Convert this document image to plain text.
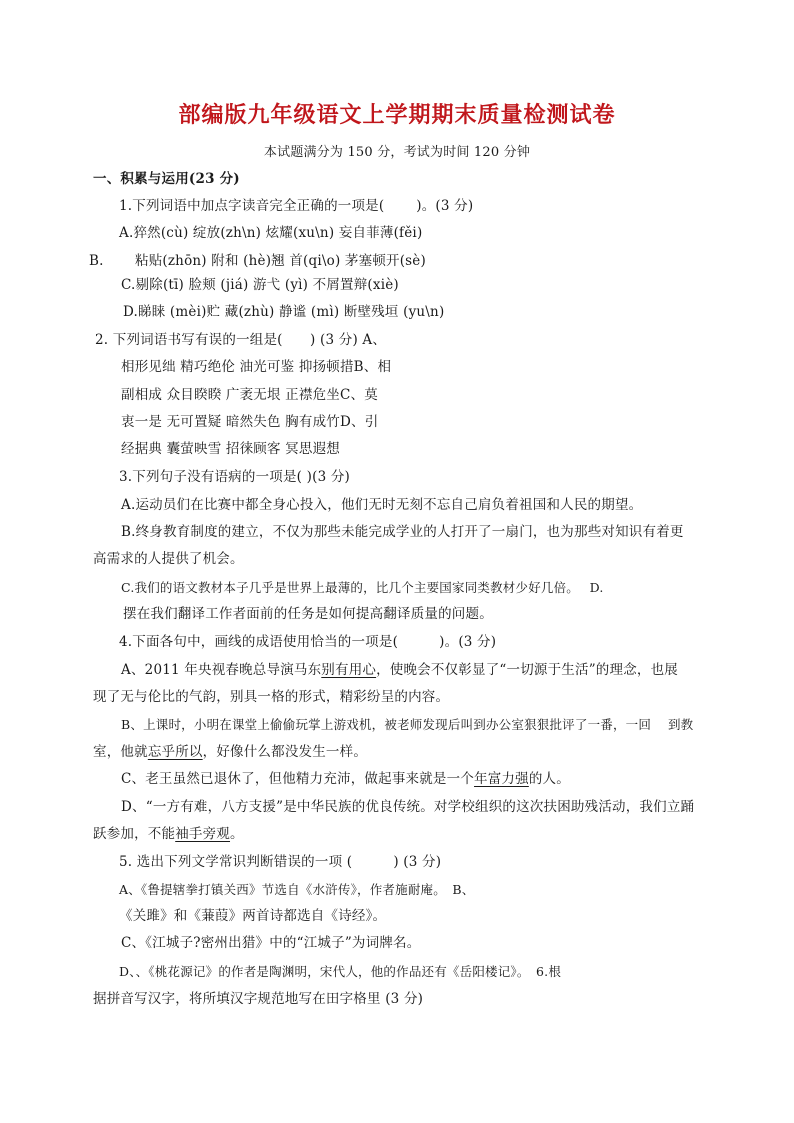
部编版九年级语文上学期期末质量检测试卷
本试题满分为 150 分，考试为时间 120 分钟
一、积累与运用(23 分)
1.下列词语中加点字读音完全正确的一项是(　　 )。(3 分)
A.猝然(cù) 绽放(zh\n) 炫耀(xu\n) 妄自菲薄(fěi)
B. 粘贴(zhōn) 附和 (hè)翘 首(qi\o) 茅塞顿开(sè)
C.剔除(tī) 脸颊 (jiá) 游弋 (yì) 不屑置辩(xiè)
D.睇睐 (mèi)贮 藏(zhù) 静谧 (mì) 断壁残垣 (yu\n)
2. 下列词语书写有误的一组是(　　) (3 分) A、
相形见绌 精巧绝伦 油光可鉴 抑扬顿措B、相
副相成 众目睽睽 广袤无垠 正襟危坐C、莫
衷一是 无可置疑 暗然失色 胸有成竹D、引
经据典 囊萤映雪 招徕顾客 冥思遐想
3.下列句子没有语病的一项是( )(3 分)
A.运动员们在比赛中都全身心投入，他们无时无刻不忘自己肩负着祖国和人民的期望。
B.终身教育制度的建立，不仅为那些未能完成学业的人打开了一扇门，也为那些对知识有着更
高需求的人提供了机会。
C.我们的语文教材本子几乎是世界上最薄的，比几个主要国家同类教材少好几倍。　 D.
摆在我们翻译工作者面前的任务是如何提高翻译质量的问题。
4.下面各句中，画线的成语使用恰当的一项是(　　　)。(3 分)
A、2011 年央视春晚总导演马东别有用心，使晚会不仅彰显了“一切源于生活”的理念，也展
现了无与伦比的气韵，别具一格的形式，精彩纷呈的内容。
B、上课时，小明在课堂上偷偷玩掌上游戏机，被老师发现后叫到办公室狠狠批评了一番，一回　 到教
室，他就忘乎所以，好像什么都没发生一样。
C、老王虽然已退休了，但他精力充沛，做起事来就是一个年富力强的人。
D、“一方有难，八方支援”是中华民族的优良传统。对学校组织的这次扶困助残活动，我们立踊
跃参加，不能袖手旁观。
5. 选出下列文学常识判断错误的一项 (　　　) (3 分)
A、《鲁提辖拳打镇关西》节选自《水浒传》，作者施耐庵。　B、
《关雎》和《蒹葭》两首诗都选自《诗经》。
C、《江城子?密州出猎》中的“江城子”为词牌名。
D、、《桃花源记》的作者是陶渊明，宋代人，他的作品还有《岳阳楼记》。　6.根
据拼音写汉字，将所填汉字规范地写在田字格里 (3 分)
